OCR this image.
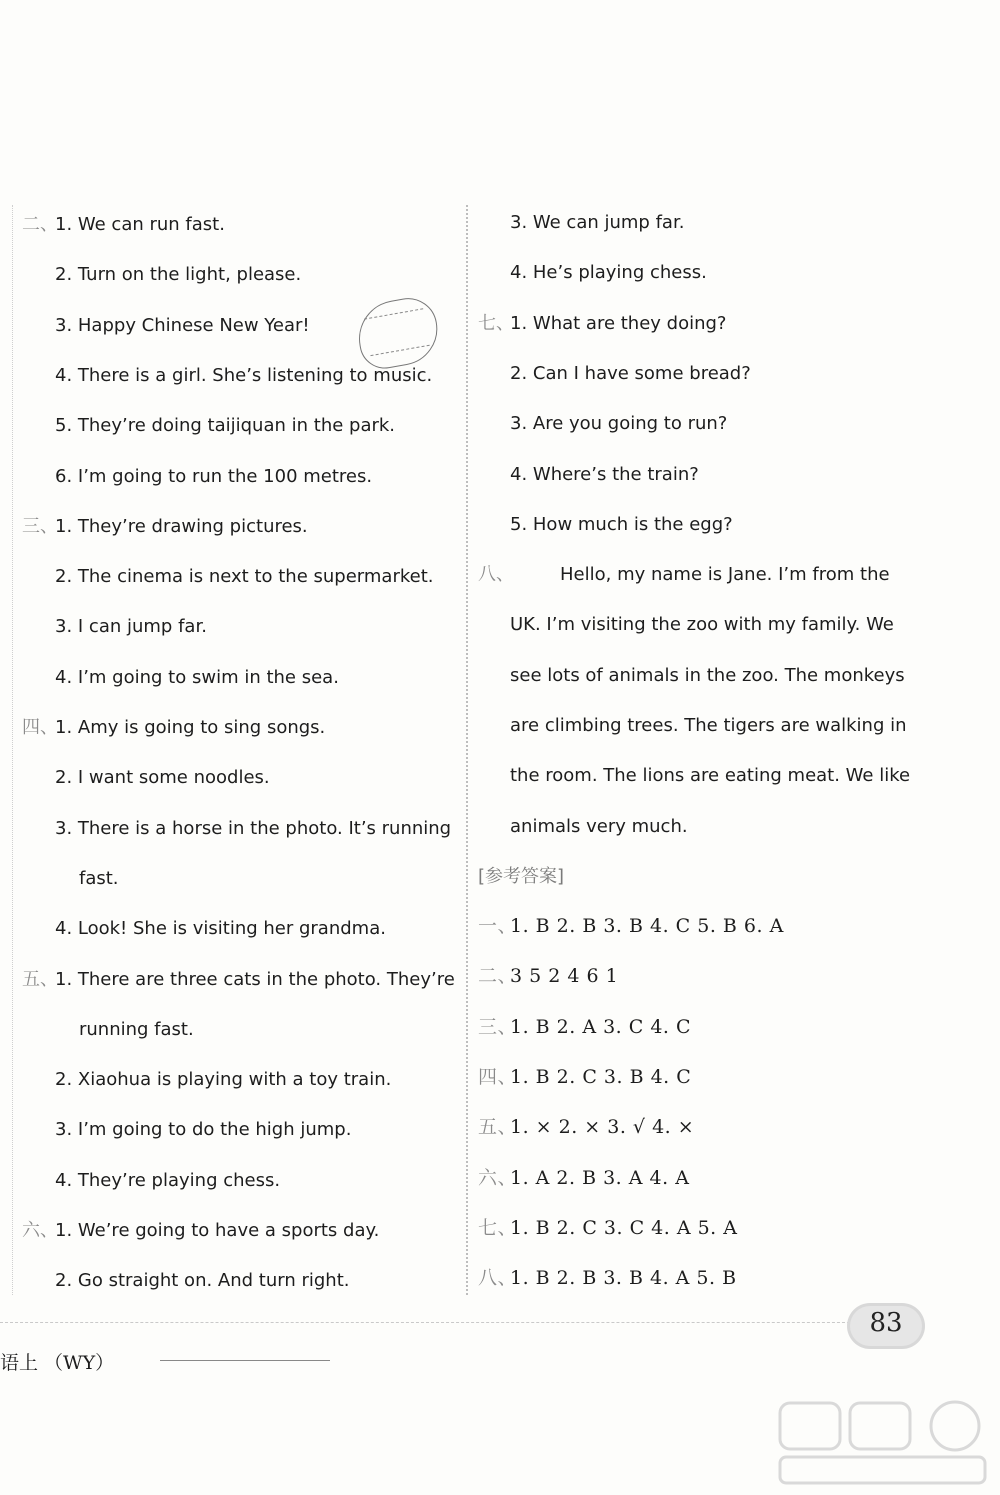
二、
1. We can run fast.
2. Turn on the light, please.
3. Happy Chinese New Year!
4. There is a girl. She’s listening to music.
5. They’re doing taijiquan in the park.
6. I’m going to run the 100 metres.
三、
1. They’re drawing pictures.
2. The cinema is next to the supermarket.
3. I can jump far.
4. I’m going to swim in the sea.
四、
1. Amy is going to sing songs.
2. I want some noodles.
3. There is a horse in the photo. It’s running
fast.
4. Look! She is visiting her grandma.
五、
1. There are three cats in the photo. They’re
running fast.
2. Xiaohua is playing with a toy train.
3. I’m going to do the high jump.
4. They’re playing chess.
六、
1. We’re going to have a sports day.
2. Go straight on. And turn right.
3. We can jump far.
4. He’s playing chess.
七、
1. What are they doing?
2. Can I have some bread?
3. Are you going to run?
4. Where’s the train?
5. How much is the egg?
八、	Hello, my name is Jane. I’m from the
UK. I’m visiting the zoo with my family. We
see lots of animals in the zoo. The monkeys
are climbing trees. The tigers are walking in
the room. The lions are eating meat. We like
animals very much.
[参考答案]
一、
1. B 2. B 3. B 4. C 5. B 6. A
二、
3 5 2 4 6 1
三、
1. B 2. A 3. C 4. C
四、
1. B 2. C 3. B 4. C
五、
1. × 2. × 3. √ 4. ×
六、
1. A 2. B 3. A 4. A
七、
1. B 2. C 3. C 4. A 5. A
八、
1. B 2. B 3. B 4. A 5. B
83
语上 （WY）
